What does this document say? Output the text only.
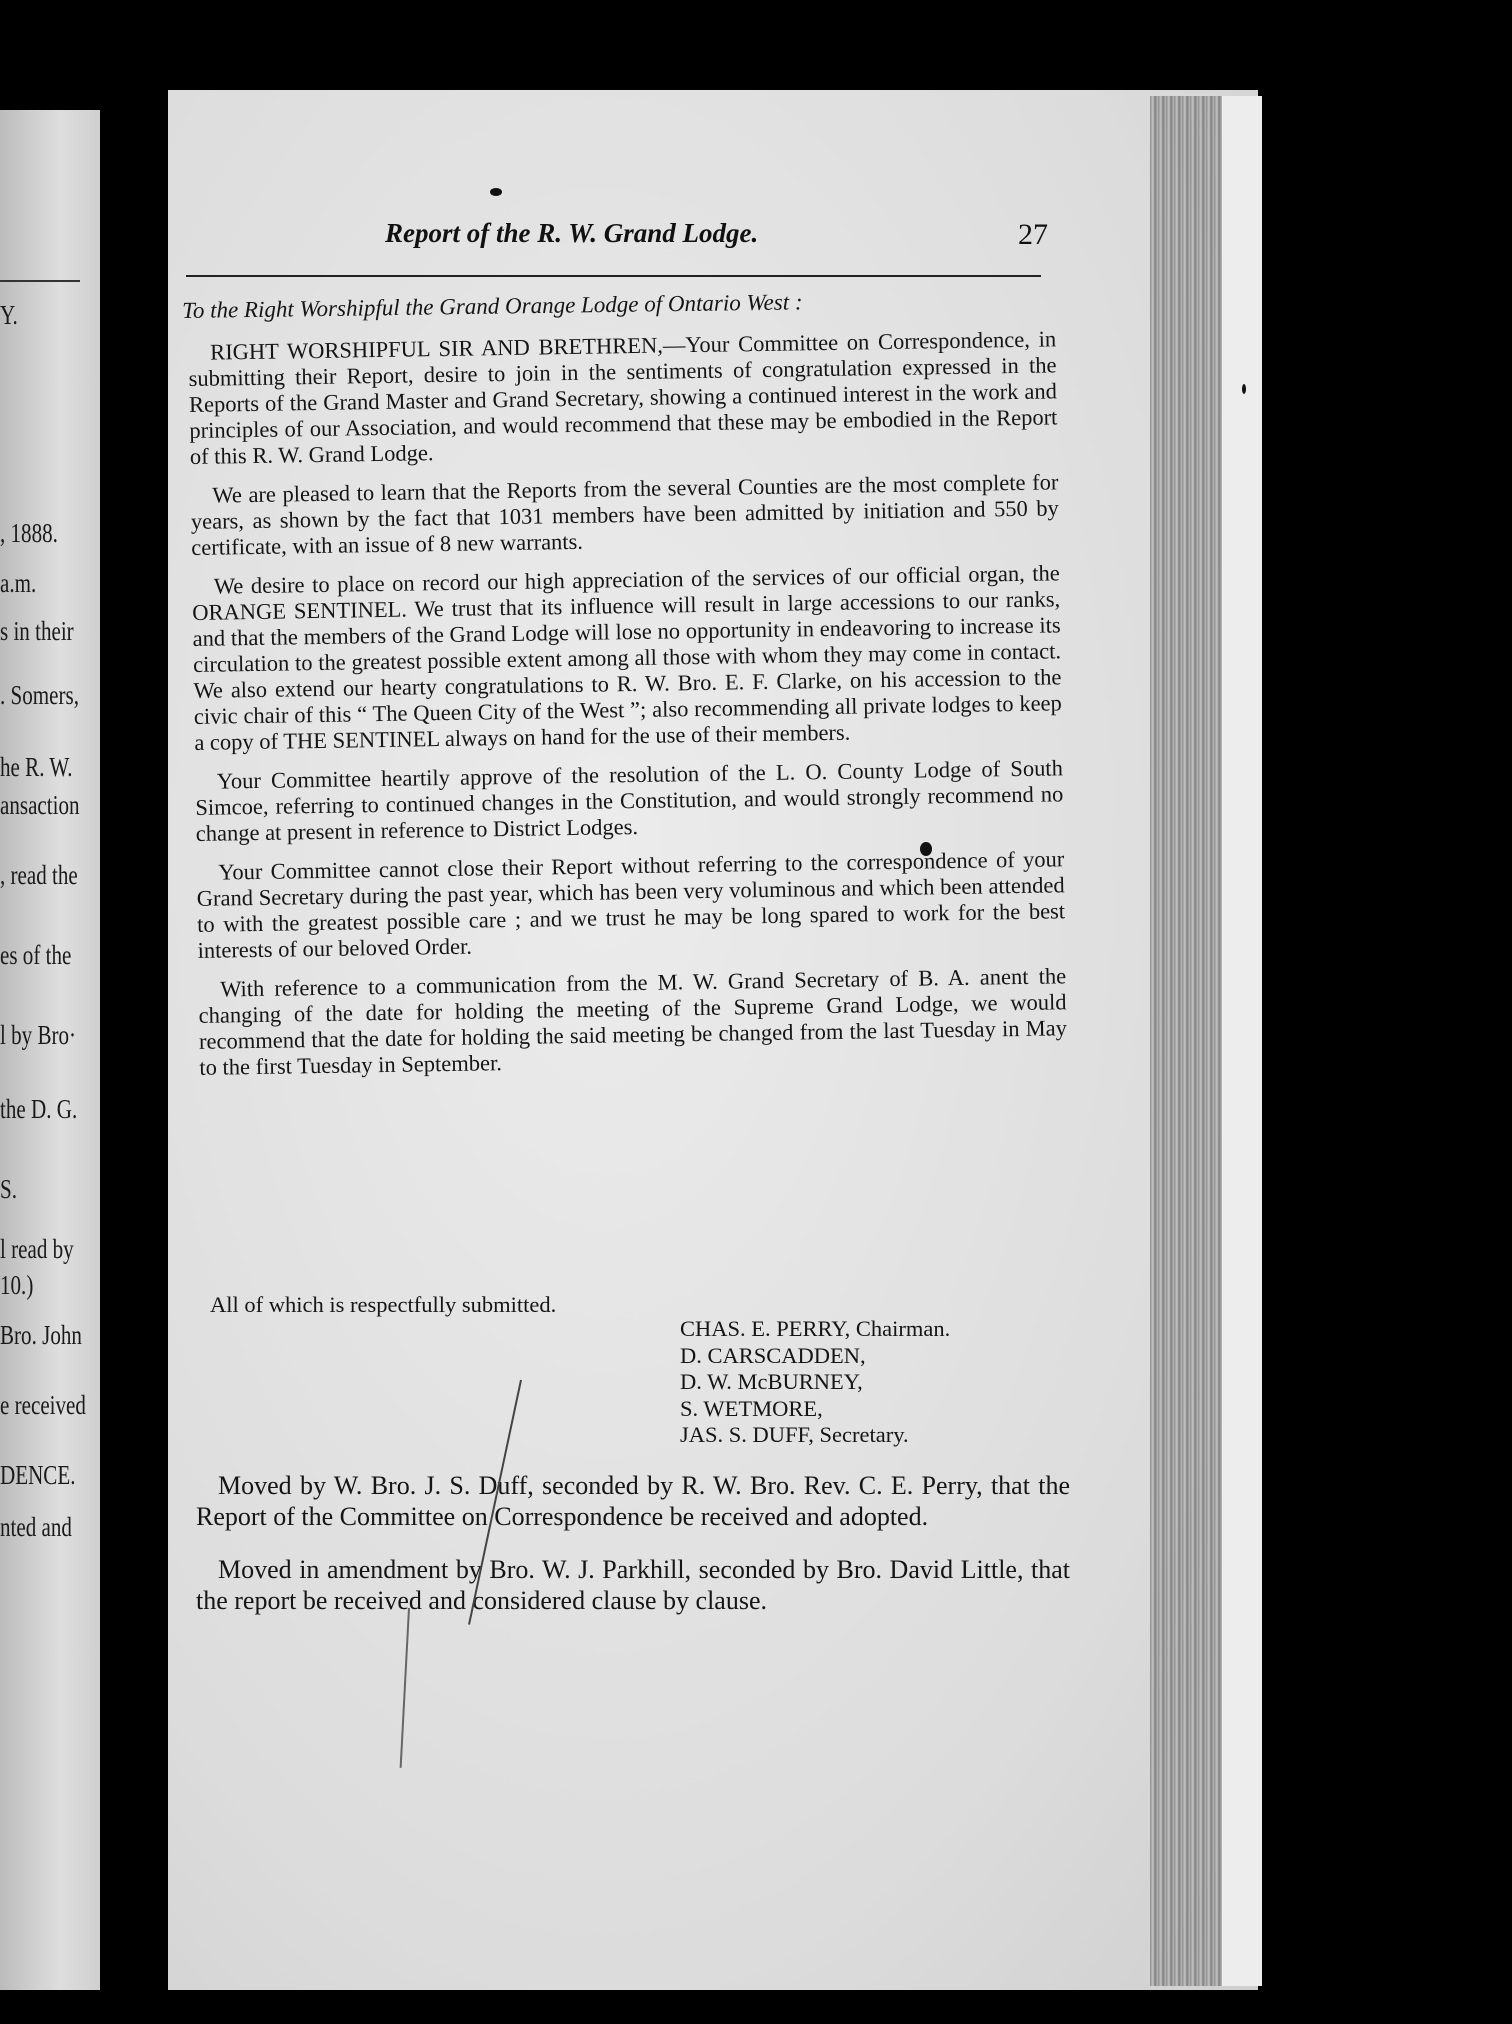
Y.
, 1888.
a.m.
s in their
. Somers,
he R. W.
ansaction
, read the
es of the
l by Bro·
the D. G.
S.
l read by
10.)
Bro. John
e received
DENCE.
nted and
Report of the R. W. Grand Lodge.	27
To the Right Worshipful the Grand Orange Lodge of Ontario West :

RIGHT WORSHIPFUL SIR AND BRETHREN,—Your Committee on Correspondence, in submitting their Report, desire to join in the sentiments of congratulation expressed in the Reports of the Grand Master and Grand Secretary, showing a continued interest in the work and principles of our Association, and would recommend that these may be embodied in the Report of this R. W. Grand Lodge.

We are pleased to learn that the Reports from the several Counties are the most complete for years, as shown by the fact that 1031 members have been admitted by initiation and 550 by certificate, with an issue of 8 new warrants.

We desire to place on record our high appreciation of the services of our official organ, the ORANGE SENTINEL. We trust that its influence will result in large accessions to our ranks, and that the members of the Grand Lodge will lose no opportunity in endeavoring to increase its circulation to the greatest possible extent among all those with whom they may come in contact. We also extend our hearty congratulations to R. W. Bro. E. F. Clarke, on his accession to the civic chair of this “ The Queen City of the West ”; also recommending all private lodges to keep a copy of THE SENTINEL always on hand for the use of their members.

Your Committee heartily approve of the resolution of the L. O. County Lodge of South Simcoe, referring to continued changes in the Constitution, and would strongly recommend no change at present in reference to District Lodges.

Your Committee cannot close their Report without referring to the correspondence of your Grand Secretary during the past year, which has been very voluminous and which been attended to with the greatest possible care ; and we trust he may be long spared to work for the best interests of our beloved Order.

With reference to a communication from the M. W. Grand Secretary of B. A. anent the changing of the date for holding the meeting of the Supreme Grand Lodge, we would recommend that the date for holding the said meeting be changed from the last Tuesday in May to the first Tuesday in September.

All of which is respectfully submitted.
CHAS. E. PERRY, Chairman.
D. CARSCADDEN,
D. W. McBURNEY,
S. WETMORE,
JAS. S. DUFF, Secretary.

Moved by W. Bro. J. S. Duff, seconded by R. W. Bro. Rev. C. E. Perry, that the Report of the Committee on Correspondence be received and adopted.

Moved in amendment by Bro. W. J. Parkhill, seconded by Bro. David Little, that the report be received and considered clause by clause.
